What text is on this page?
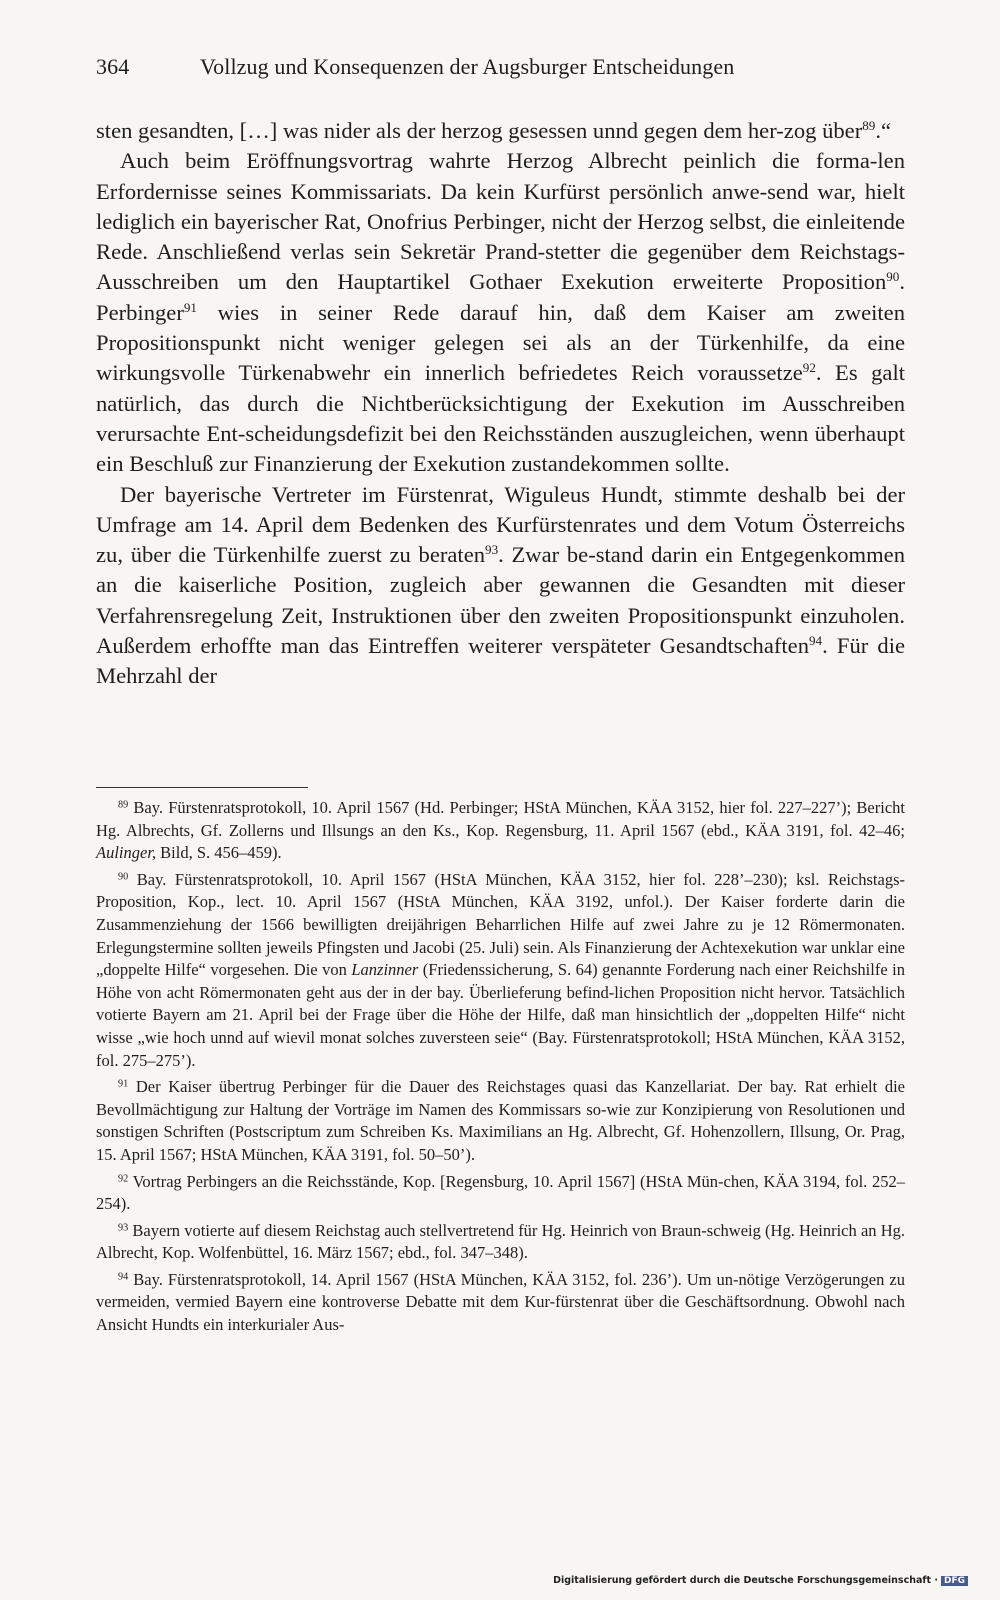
364	Vollzug und Konsequenzen der Augsburger Entscheidungen

sten gesandten, […] was nider als der herzog gesessen unnd gegen dem her-zog über$^{89}$.“

Auch beim Eröffnungsvortrag wahrte Herzog Albrecht peinlich die forma-len Erfordernisse seines Kommissariats. Da kein Kurfürst persönlich anwe-send war, hielt lediglich ein bayerischer Rat, Onofrius Perbinger, nicht der Herzog selbst, die einleitende Rede. Anschließend verlas sein Sekretär Prand-stetter die gegenüber dem Reichstags-Ausschreiben um den Hauptartikel Gothaer Exekution erweiterte Proposition$^{90}$. Perbinger$^{91}$ wies in seiner Rede darauf hin, daß dem Kaiser am zweiten Propositionspunkt nicht weniger gelegen sei als an der Türkenhilfe, da eine wirkungsvolle Türkenabwehr ein innerlich befriedetes Reich voraussetze$^{92}$. Es galt natürlich, das durch die Nichtberücksichtigung der Exekution im Ausschreiben verursachte Ent-scheidungsdefizit bei den Reichsständen auszugleichen, wenn überhaupt ein Beschluß zur Finanzierung der Exekution zustandekommen sollte.

Der bayerische Vertreter im Fürstenrat, Wiguleus Hundt, stimmte deshalb bei der Umfrage am 14. April dem Bedenken des Kurfürstenrates und dem Votum Österreichs zu, über die Türkenhilfe zuerst zu beraten$^{93}$. Zwar be-stand darin ein Entgegenkommen an die kaiserliche Position, zugleich aber gewannen die Gesandten mit dieser Verfahrensregelung Zeit, Instruktionen über den zweiten Propositionspunkt einzuholen. Außerdem erhoffte man das Eintreffen weiterer verspäteter Gesandtschaften$^{94}$. Für die Mehrzahl der

$^{89}$ Bay. Fürstenratsprotokoll, 10. April 1567 (Hd. Perbinger; HStA München, KÄA 3152, hier fol. 227–227’); Bericht Hg. Albrechts, Gf. Zollerns und Illsungs an den Ks., Kop. Regensburg, 11. April 1567 (ebd., KÄA 3191, fol. 42–46; Aulinger, Bild, S. 456–459).

$^{90}$ Bay. Fürstenratsprotokoll, 10. April 1567 (HStA München, KÄA 3152, hier fol. 228’–230); ksl. Reichstags-Proposition, Kop., lect. 10. April 1567 (HStA München, KÄA 3192, unfol.). Der Kaiser forderte darin die Zusammenziehung der 1566 bewilligten dreijährigen Beharrlichen Hilfe auf zwei Jahre zu je 12 Römermonaten. Erlegungstermine sollten jeweils Pfingsten und Jacobi (25. Juli) sein. Als Finanzierung der Achtexekution war unklar eine „doppelte Hilfe“ vorgesehen. Die von Lanzinner (Friedenssicherung, S. 64) genannte Forderung nach einer Reichshilfe in Höhe von acht Römermonaten geht aus der in der bay. Überlieferung befind-lichen Proposition nicht hervor. Tatsächlich votierte Bayern am 21. April bei der Frage über die Höhe der Hilfe, daß man hinsichtlich der „doppelten Hilfe“ nicht wisse „wie hoch unnd auf wievil monat solches zuversteen seie“ (Bay. Fürstenratsprotokoll; HStA München, KÄA 3152, fol. 275–275’).

$^{91}$ Der Kaiser übertrug Perbinger für die Dauer des Reichstages quasi das Kanzellariat. Der bay. Rat erhielt die Bevollmächtigung zur Haltung der Vorträge im Namen des Kommissars so-wie zur Konzipierung von Resolutionen und sonstigen Schriften (Postscriptum zum Schreiben Ks. Maximilians an Hg. Albrecht, Gf. Hohenzollern, Illsung, Or. Prag, 15. April 1567; HStA München, KÄA 3191, fol. 50–50’).

$^{92}$ Vortrag Perbingers an die Reichsstände, Kop. [Regensburg, 10. April 1567] (HStA Mün-chen, KÄA 3194, fol. 252–254).

$^{93}$ Bayern votierte auf diesem Reichstag auch stellvertretend für Hg. Heinrich von Braun-schweig (Hg. Heinrich an Hg. Albrecht, Kop. Wolfenbüttel, 16. März 1567; ebd., fol. 347–348).

$^{94}$ Bay. Fürstenratsprotokoll, 14. April 1567 (HStA München, KÄA 3152, fol. 236’). Um un-nötige Verzögerungen zu vermeiden, vermied Bayern eine kontroverse Debatte mit dem Kur-fürstenrat über die Geschäftsordnung. Obwohl nach Ansicht Hundts ein interkurialer Aus-

Digitalisierung gefördert durch die Deutsche Forschungsgemeinschaft · DFG
